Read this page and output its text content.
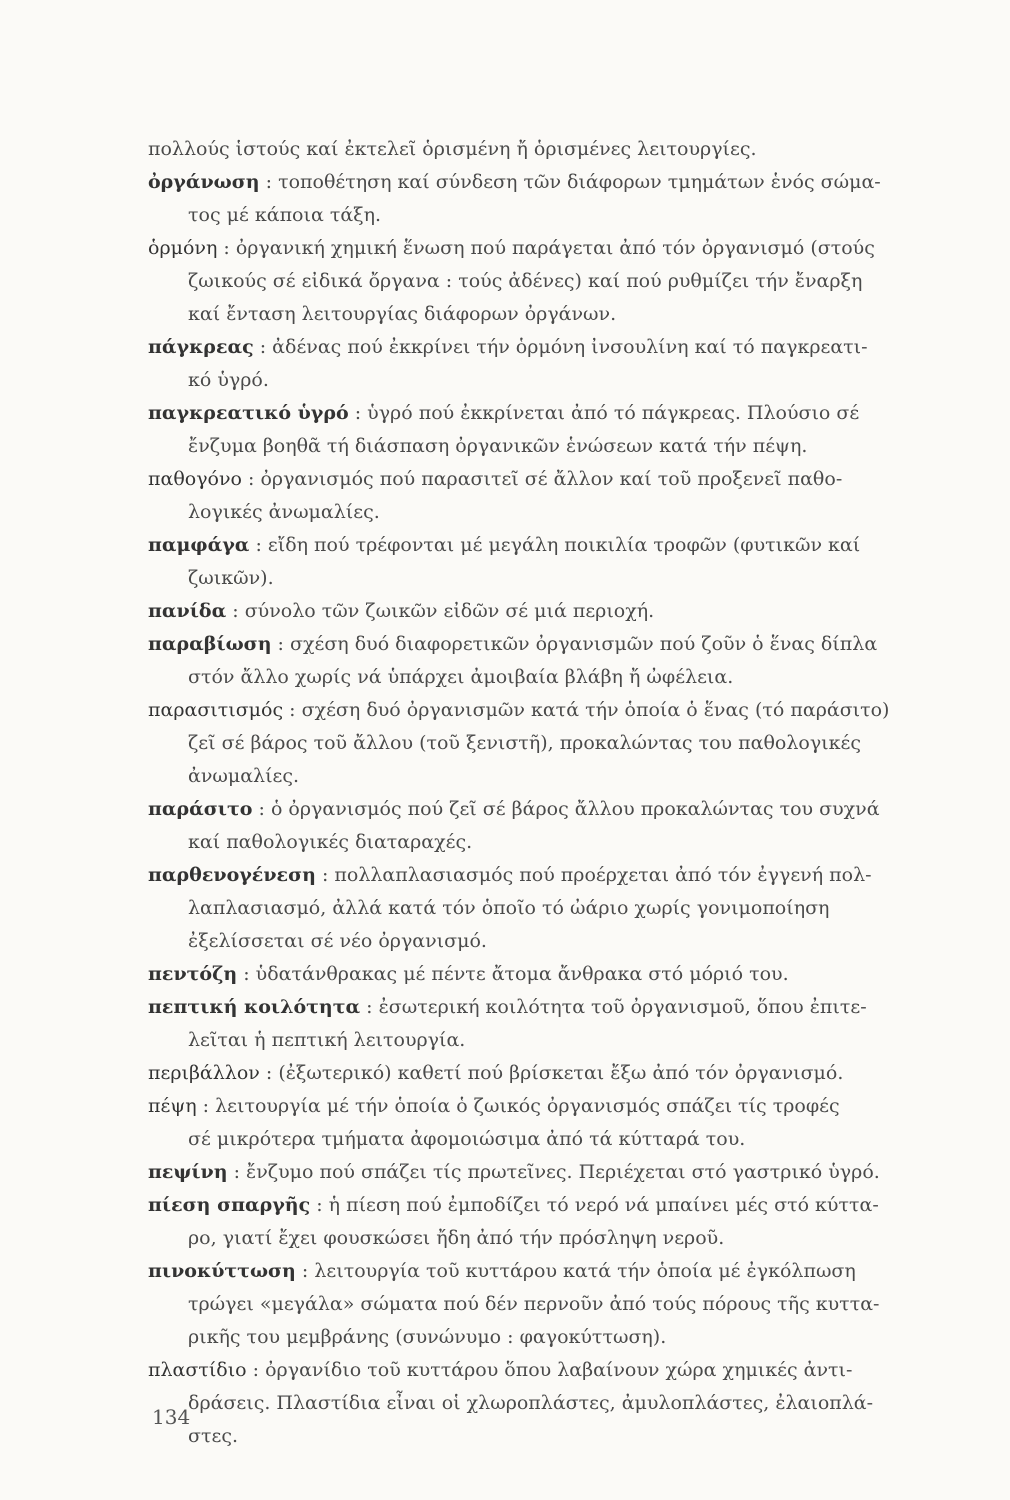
πολλούς ἱστούς καί ἐκτελεῖ ὁρισμένη ἤ ὁρισμένες λειτουργίες.
ὀργάνωση : τοποθέτηση καί σύνδεση τῶν διάφορων τμημάτων ἑνός σώμα-
τος μέ κάποια τάξη.
ὁρμόνη : ὀργανική χημική ἕνωση πού παράγεται ἀπό τόν ὀργανισμό (στούς
ζωικούς σέ εἰδικά ὄργανα : τούς ἀδένες) καί πού ρυθμίζει τήν ἔναρξη
καί ἔνταση λειτουργίας διάφορων ὀργάνων.
πάγκρεας : ἀδένας πού ἐκκρίνει τήν ὁρμόνη ἰνσουλίνη καί τό παγκρεατι-
κό ὑγρό.
παγκρεατικό ὑγρό : ὑγρό πού ἐκκρίνεται ἀπό τό πάγκρεας. Πλούσιο σέ
ἔνζυμα βοηθᾶ τή διάσπαση ὀργανικῶν ἑνώσεων κατά τήν πέψη.
παθογόνο : ὀργανισμός πού παρασιτεῖ σέ ἄλλον καί τοῦ προξενεῖ παθο-
λογικές ἀνωμαλίες.
παμφάγα : εἴδη πού τρέφονται μέ μεγάλη ποικιλία τροφῶν (φυτικῶν καί
ζωικῶν).
πανίδα : σύνολο τῶν ζωικῶν εἰδῶν σέ μιά περιοχή.
παραβίωση : σχέση δυό διαφορετικῶν ὀργανισμῶν πού ζοῦν ὁ ἕνας δίπλα
στόν ἄλλο χωρίς νά ὑπάρχει ἀμοιβαία βλάβη ἤ ὠφέλεια.
παρασιτισμός : σχέση δυό ὀργανισμῶν κατά τήν ὁποία ὁ ἕνας (τό παράσιτο)
ζεῖ σέ βάρος τοῦ ἄλλου (τοῦ ξενιστῆ), προκαλώντας του παθολογικές
ἀνωμαλίες.
παράσιτο : ὁ ὀργανισμός πού ζεῖ σέ βάρος ἄλλου προκαλώντας του συχνά
καί παθολογικές διαταραχές.
παρθενογένεση : πολλαπλασιασμός πού προέρχεται ἀπό τόν ἐγγενή πολ-
λαπλασιασμό, ἀλλά κατά τόν ὁποῖο τό ὠάριο χωρίς γονιμοποίηση
ἐξελίσσεται σέ νέο ὀργανισμό.
πεντόζη : ὑδατάνθρακας μέ πέντε ἄτομα ἄνθρακα στό μόριό του.
πεπτική κοιλότητα : ἐσωτερική κοιλότητα τοῦ ὀργανισμοῦ, ὅπου ἐπιτε-
λεῖται ἡ πεπτική λειτουργία.
περιβάλλον : (ἐξωτερικό) καθετί πού βρίσκεται ἔξω ἀπό τόν ὀργανισμό.
πέψη : λειτουργία μέ τήν ὁποία ὁ ζωικός ὀργανισμός σπάζει τίς τροφές
σέ μικρότερα τμήματα ἀφομοιώσιμα ἀπό τά κύτταρά του.
πεψίνη : ἔνζυμο πού σπάζει τίς πρωτεῖνες. Περιέχεται στό γαστρικό ὑγρό.
πίεση σπαργῆς : ἡ πίεση πού ἐμποδίζει τό νερό νά μπαίνει μές στό κύττα-
ρο, γιατί ἔχει φουσκώσει ἤδη ἀπό τήν πρόσληψη νεροῦ.
πινοκύττωση : λειτουργία τοῦ κυττάρου κατά τήν ὁποία μέ ἐγκόλπωση
τρώγει «μεγάλα» σώματα πού δέν περνοῦν ἀπό τούς πόρους τῆς κυττα-
ρικῆς του μεμβράνης (συνώνυμο : φαγοκύττωση).
πλαστίδιο : ὀργανίδιο τοῦ κυττάρου ὅπου λαβαίνουν χώρα χημικές ἀντι-
δράσεις. Πλαστίδια εἶναι οἱ χλωροπλάστες, ἀμυλοπλάστες, ἐλαιοπλά-
στες.
134
